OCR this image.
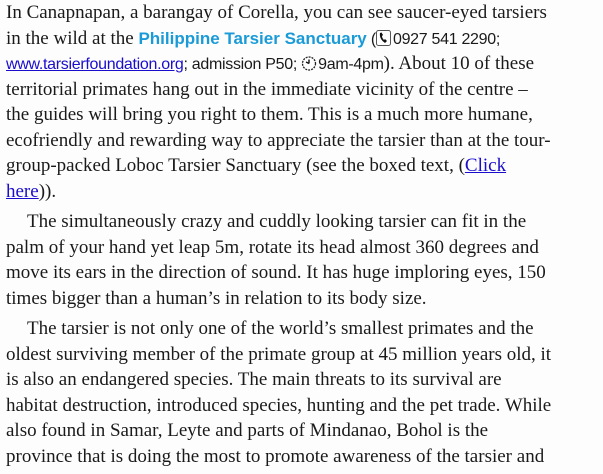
In Canapnapan, a barangay of Corella, you can see saucer-eyed tarsiers
in the wild at the Philippine Tarsier Sanctuary ( 0927 541 2290;
www.tarsierfoundation.org; admission P50; 9am-4pm). About 10 of these
territorial primates hang out in the immediate vicinity of the centre –
the guides will bring you right to them. This is a much more humane,
ecofriendly and rewarding way to appreciate the tarsier than at the tour-
group-packed Loboc Tarsier Sanctuary (see the boxed text, (Click
here)).
The simultaneously crazy and cuddly looking tarsier can fit in the
palm of your hand yet leap 5m, rotate its head almost 360 degrees and
move its ears in the direction of sound. It has huge imploring eyes, 150
times bigger than a human’s in relation to its body size.
The tarsier is not only one of the world’s smallest primates and the
oldest surviving member of the primate group at 45 million years old, it
is also an endangered species. The main threats to its survival are
habitat destruction, introduced species, hunting and the pet trade. While
also found in Samar, Leyte and parts of Mindanao, Bohol is the
province that is doing the most to promote awareness of the tarsier and
